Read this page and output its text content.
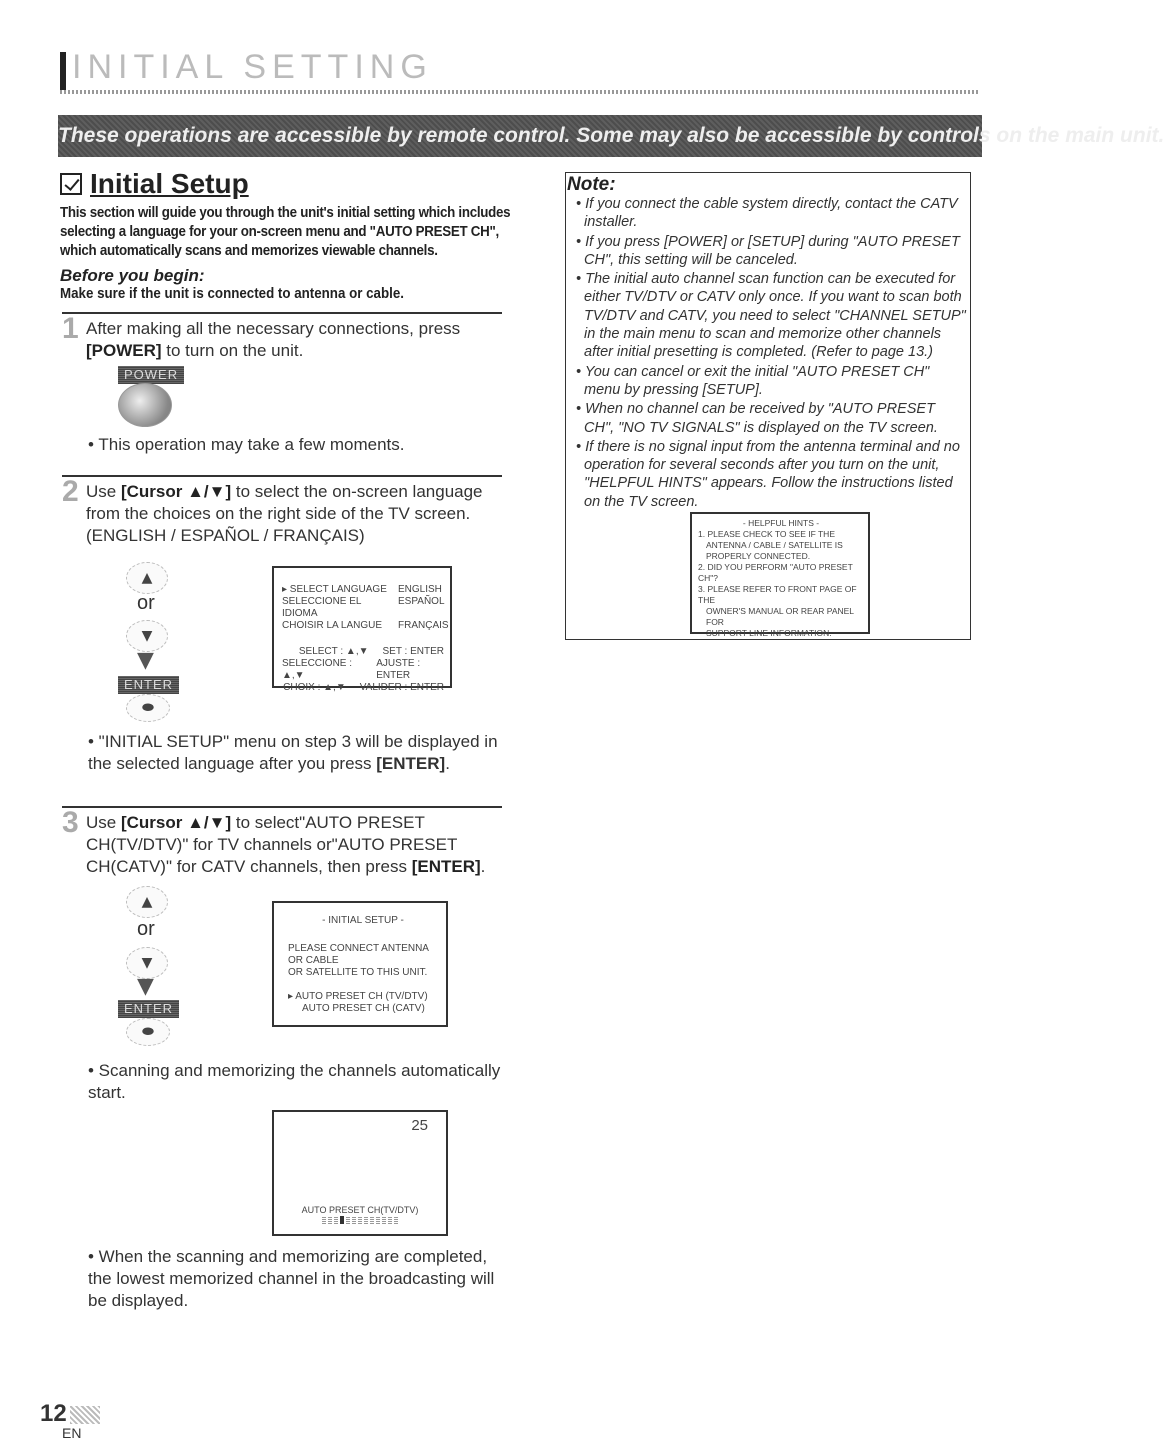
INITIAL SETTING
These operations are accessible by remote control. Some may also be accessible by controls on the main unit.
Initial Setup
This section will guide you through the unit's initial setting which includes selecting a language for your on-screen menu and "AUTO PRESET CH", which automatically scans and memorizes viewable channels.
Before you begin:
Make sure if the unit is connected to antenna or cable.
1 After making all the necessary connections, press [POWER] to turn on the unit.
POWER
• This operation may take a few moments.
2 Use [Cursor ▲/▼] to select the on-screen language from the choices on the right side of the TV screen. (ENGLISH / ESPAÑOL / FRANÇAIS)
▲
or
▼
▼
ENTER
⬬
▸ SELECT LANGUAGE ENGLISH
SELECCIONE EL IDIOMA
ESPAÑOL
CHOISIR LA LANGUE FRANÇAIS
SELECT : ▲,▼ SET : ENTER
SELECCIONE : ▲,▼
AJUSTE : ENTER
CHOIX : ▲,▼ VALIDER : ENTER
• "INITIAL SETUP" menu on step 3 will be displayed in the selected language after you press [ENTER].
3 Use [Cursor ▲/▼] to select"AUTO PRESET CH(TV/DTV)" for TV channels or"AUTO PRESET CH(CATV)" for CATV channels, then press [ENTER].
▲
or
▼
▼
ENTER
⬬
- INITIAL SETUP -
PLEASE CONNECT ANTENNA OR CABLE
OR SATELLITE TO THIS UNIT.
▸ AUTO PRESET CH (TV/DTV)
AUTO PRESET CH (CATV)
• Scanning and memorizing the channels automatically start.
25
AUTO PRESET CH(TV/DTV)
• When the scanning and memorizing are completed, the lowest memorized channel in the broadcasting will be displayed.
Note:
• If you connect the cable system directly, contact the CATV installer.
• If you press [POWER] or [SETUP] during "AUTO PRESET CH", this setting will be canceled.
• The initial auto channel scan function can be executed for either TV/DTV or CATV only once. If you want to scan both TV/DTV and CATV, you need to select "CHANNEL SETUP" in the main menu to scan and memorize other channels after initial presetting is completed. (Refer to page 13.)
• You can cancel or exit the initial "AUTO PRESET CH" menu by pressing [SETUP].
• When no channel can be received by "AUTO PRESET CH", "NO TV SIGNALS" is displayed on the TV screen.
• If there is no signal input from the antenna terminal and no operation for several seconds after you turn on the unit, "HELPFUL HINTS" appears. Follow the instructions listed on the TV screen.
- HELPFUL HINTS -
1. PLEASE CHECK TO SEE IF THE
ANTENNA / CABLE / SATELLITE IS
PROPERLY CONNECTED.
2. DID YOU PERFORM "AUTO PRESET CH"?
3. PLEASE REFER TO FRONT PAGE OF THE
OWNER'S MANUAL OR REAR PANEL FOR
SUPPORT LINE INFORMATION.
12
EN
